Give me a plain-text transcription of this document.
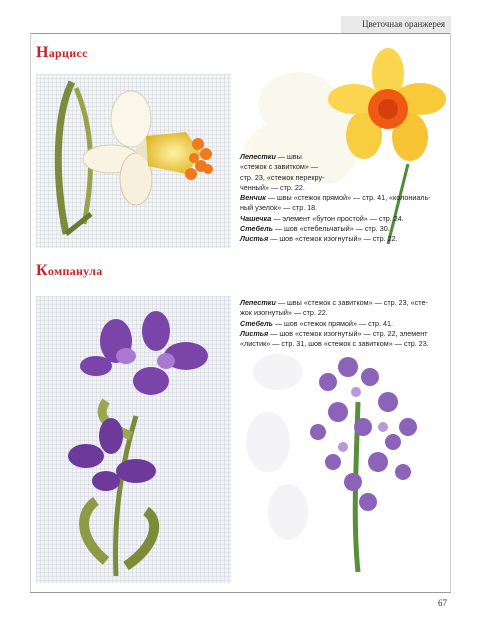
Цветочная оранжерея
Нарцисс

Лепестки — швы

«стежок с завитком» —

стр. 23, «стежок перекру-

ченный» — стр. 22.

Венчик — швы «стежок прямой» — стр. 41, «колониаль-

ный узелок» — стр. 18.

Чашечка — элемент «бутон простой» — стр. 24.

Стебель — шов «стебельчатый» — стр. 30.

Листья — шов «стежок изогнутый» — стр. 22.

Компанула

Лепестки — швы «стежок с завитком» — стр. 23, «сте-

жок изогнутый» — стр. 22.

Стебель — шов «стежок прямой» — стр. 41.

Листья — шов «стежок изогнутый» — стр. 22, элемент

«листик» — стр. 31, шов «стежок с завитком» — стр. 23.

67
